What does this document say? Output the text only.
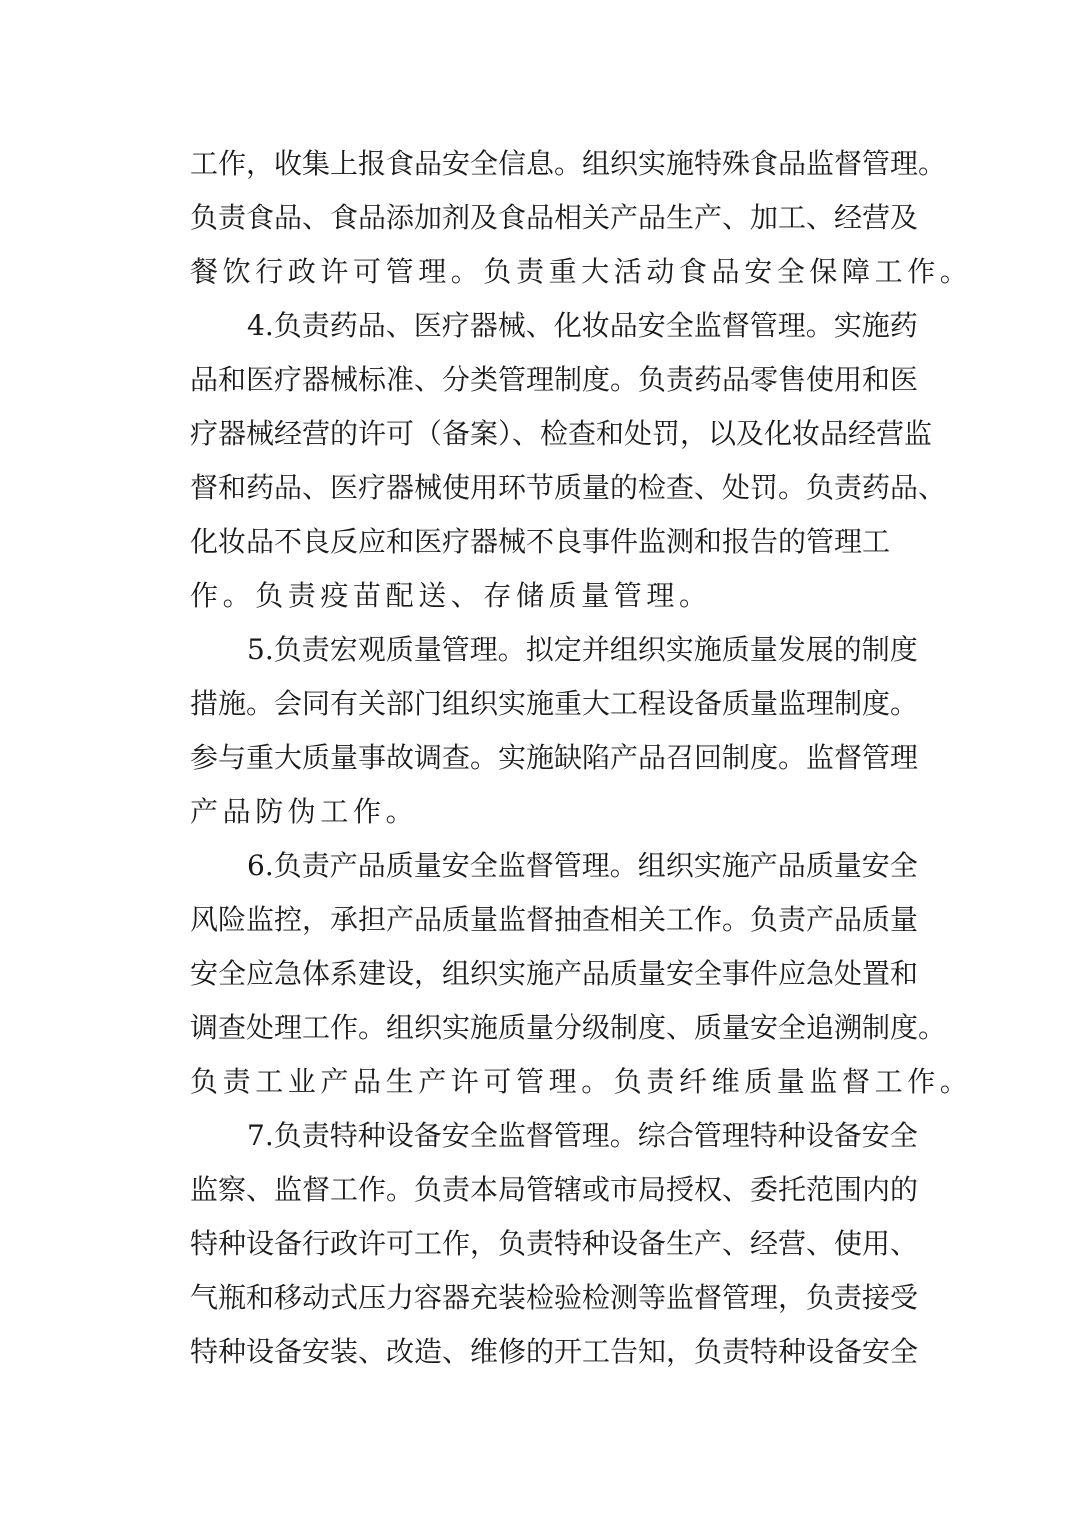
工作，收集上报食品安全信息。组织实施特殊食品监督管理。
负责食品、食品添加剂及食品相关产品生产、加工、经营及
餐饮行政许可管理。负责重大活动食品安全保障工作。
4.负责药品、医疗器械、化妆品安全监督管理。实施药
品和医疗器械标准、分类管理制度。负责药品零售使用和医
疗器械经营的许可（备案）、检查和处罚，以及化妆品经营监
督和药品、医疗器械使用环节质量的检查、处罚。负责药品、
化妆品不良反应和医疗器械不良事件监测和报告的管理工
作。负责疫苗配送、存储质量管理。
5.负责宏观质量管理。拟定并组织实施质量发展的制度
措施。会同有关部门组织实施重大工程设备质量监理制度。
参与重大质量事故调查。实施缺陷产品召回制度。监督管理
产品防伪工作。
6.负责产品质量安全监督管理。组织实施产品质量安全
风险监控，承担产品质量监督抽查相关工作。负责产品质量
安全应急体系建设，组织实施产品质量安全事件应急处置和
调查处理工作。组织实施质量分级制度、质量安全追溯制度。
负责工业产品生产许可管理。负责纤维质量监督工作。
7.负责特种设备安全监督管理。综合管理特种设备安全
监察、监督工作。负责本局管辖或市局授权、委托范围内的
特种设备行政许可工作，负责特种设备生产、经营、使用、
气瓶和移动式压力容器充装检验检测等监督管理，负责接受
特种设备安装、改造、维修的开工告知，负责特种设备安全
